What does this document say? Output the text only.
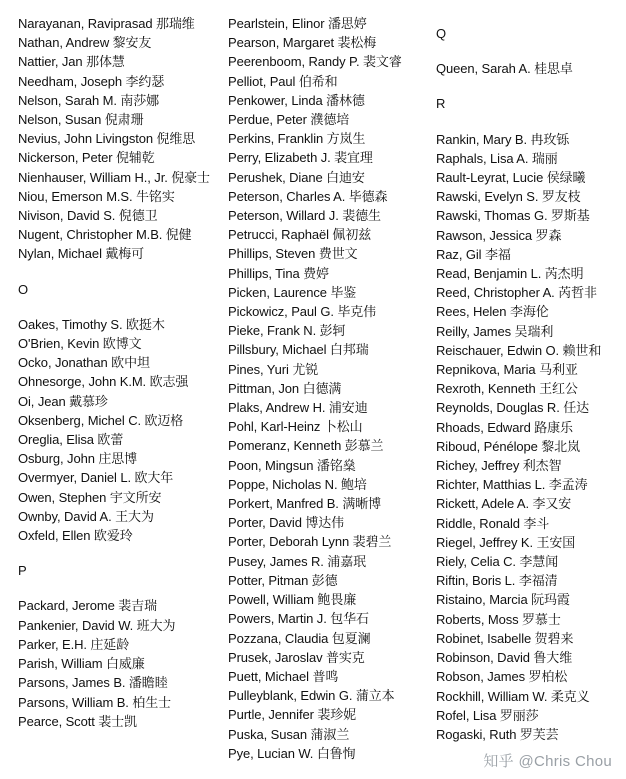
Narayanan, Raviprasad 那瑞维
Nathan, Andrew 黎安友
Nattier, Jan 那体慧
Needham, Joseph 李约瑟
Nelson, Sarah M. 南莎娜
Nelson, Susan 倪肃珊
Nevius, John Livingston 倪维思
Nickerson, Peter 倪辅乾
Nienhauser, William H., Jr. 倪豪士
Niou, Emerson M.S. 牛铭实
Nivison, David S. 倪德卫
Nugent, Christopher M.B. 倪健
Nylan, Michael 戴梅可
O
Oakes, Timothy S. 欧挺木
O'Brien, Kevin 欧博文
Ocko, Jonathan 欧中坦
Ohnesorge, John K.M. 欧志强
Oi, Jean 戴慕珍
Oksenberg, Michel C. 欧迈格
Oreglia, Elisa 欧蕾
Osburg, John 庄思博
Overmyer, Daniel L. 欧大年
Owen, Stephen 宇文所安
Ownby, David A. 王大为
Oxfeld, Ellen 欧爱玲
P
Packard, Jerome 裴吉瑞
Pankenier, David W. 班大为
Parker, E.H. 庄延龄
Parish, William 白威廉
Parsons, James B. 潘瞻睦
Parsons, William B. 柏生士
Pearce, Scott 裴士凯
Pearlstein, Elinor 潘思婷
Pearson, Margaret 裴松梅
Peerenboom, Randy P. 裴文睿
Pelliot, Paul 伯希和
Penkower, Linda 潘林德
Perdue, Peter 濮德培
Perkins, Franklin 方岚生
Perry, Elizabeth J. 裴宜理
Perushek, Diane 白迪安
Peterson, Charles A. 毕德森
Peterson, Willard J. 裴德生
Petrucci, Raphaël 佩初兹
Phillips, Steven 费世文
Phillips, Tina 费婷
Picken, Laurence 毕鉴
Pickowicz, Paul G. 毕克伟
Pieke, Frank N. 彭轲
Pillsbury, Michael 白邦瑞
Pines, Yuri 尤锐
Pittman, Jon 白德满
Plaks, Andrew H. 浦安迪
Pohl, Karl-Heinz 卜松山
Pomeranz, Kenneth 彭慕兰
Poon, Mingsun 潘铭燊
Poppe, Nicholas N. 鲍培
Porkert, Manfred B. 满晰博
Porter, David 博达伟
Porter, Deborah Lynn 裴碧兰
Pusey, James R. 浦嘉珉
Potter, Pitman 彭德
Powell, William 鲍畏廉
Powers, Martin J. 包华石
Pozzana, Claudia 包夏澜
Prusek, Jaroslav 普实克
Puett, Michael 普鸣
Pulleyblank, Edwin G. 蒲立本
Purtle, Jennifer 裴珍妮
Puska, Susan 蒲淑兰
Pye, Lucian W. 白鲁恂
Q
Queen, Sarah A. 桂思卓
R
Rankin, Mary B. 冉玫铄
Raphals, Lisa A. 瑞丽
Rault-Leyrat, Lucie 侯绿曦
Rawski, Evelyn S. 罗友枝
Rawski, Thomas G. 罗斯基
Rawson, Jessica 罗森
Raz, Gil 李福
Read, Benjamin L. 芮杰明
Reed, Christopher A. 芮哲非
Rees, Helen 李海伦
Reilly, James 吴瑞利
Reischauer, Edwin O. 赖世和
Repnikova, Maria 马利亚
Rexroth, Kenneth 王红公
Reynolds, Douglas R. 任达
Rhoads, Edward 路康乐
Riboud, Pénélope 黎北岚
Richey, Jeffrey 利杰智
Richter, Matthias L. 李孟涛
Rickett, Adele A. 李又安
Riddle, Ronald 李斗
Riegel, Jeffrey K. 王安国
Riely, Celia C. 李慧闻
Riftin, Boris L. 李福清
Ristaino, Marcia 阮玛霞
Roberts, Moss 罗慕士
Robinet, Isabelle 贺碧来
Robinson, David 鲁大维
Robson, James 罗柏松
Rockhill, William W. 柔克义
Rofel, Lisa 罗丽莎
Rogaski, Ruth 罗芙芸
知乎 @Chris Chou
